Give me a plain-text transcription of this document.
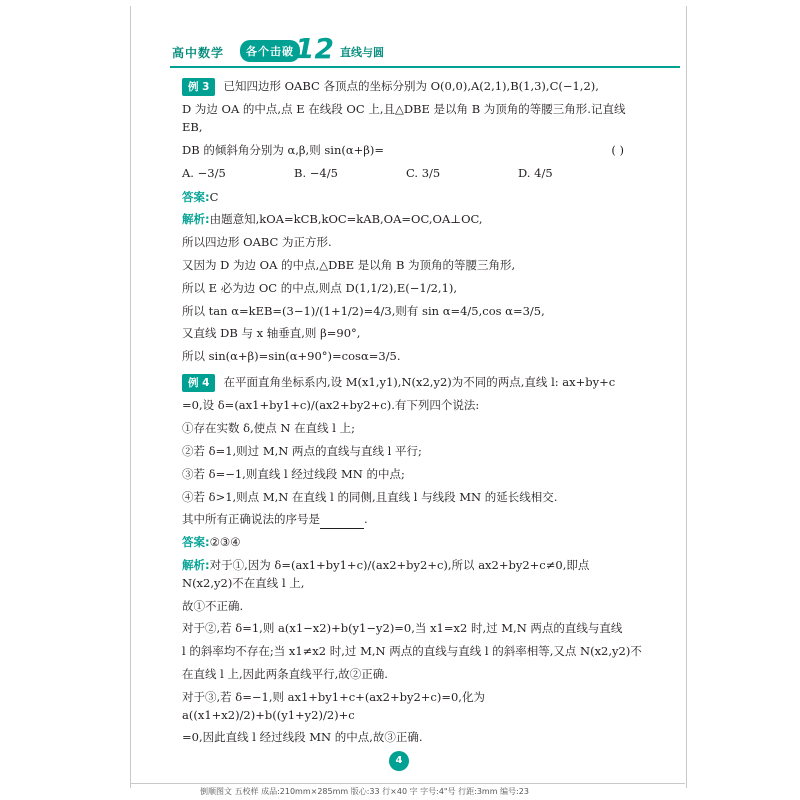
高中数学	各个击破 12 直线与圆
例 3 已知四边形 OABC 各顶点的坐标分别为 O(0,0),A(2,1),B(1,3),C(−1,2),
D 为边 OA 的中点,点 E 在线段 OC 上,且△DBE 是以角 B 为顶角的等腰三角形.记直线 EB,
DB 的倾斜角分别为 α,β,则 sin(α+β)=	( )
A. −3/5	B. −4/5	C. 3/5	D. 4/5
答案:C
解析:由题意知,kOA=kCB,kOC=kAB,OA=OC,OA⊥OC,
所以四边形 OABC 为正方形.
又因为 D 为边 OA 的中点,△DBE 是以角 B 为顶角的等腰三角形,
所以 E 必为边 OC 的中点,则点 D(1,1/2),E(−1/2,1),
所以 tan α=kEB=(3−1)/(1+1/2)=4/3,则有 sin α=4/5,cos α=3/5,
又直线 DB 与 x 轴垂直,则 β=90°,
所以 sin(α+β)=sin(α+90°)=cosα=3/5.
例 4 在平面直角坐标系内,设 M(x1,y1),N(x2,y2)为不同的两点,直线 l: ax+by+c
=0,设 δ=(ax1+by1+c)/(ax2+by2+c).有下列四个说法:
①存在实数 δ,使点 N 在直线 l 上;
②若 δ=1,则过 M,N 两点的直线与直线 l 平行;
③若 δ=−1,则直线 l 经过线段 MN 的中点;
④若 δ>1,则点 M,N 在直线 l 的同侧,且直线 l 与线段 MN 的延长线相交.
其中所有正确说法的序号是	.
答案:②③④
解析:对于①,因为 δ=(ax1+by1+c)/(ax2+by2+c),所以 ax2+by2+c≠0,即点 N(x2,y2)不在直线 l 上,
故①不正确.
对于②,若 δ=1,则 a(x1−x2)+b(y1−y2)=0,当 x1=x2 时,过 M,N 两点的直线与直线
l 的斜率均不存在;当 x1≠x2 时,过 M,N 两点的直线与直线 l 的斜率相等,又点 N(x2,y2)不
在直线 l 上,因此两条直线平行,故②正确.
对于③,若 δ=−1,则 ax1+by1+c+(ax2+by2+c)=0,化为 a((x1+x2)/2)+b((y1+y2)/2)+c
=0,因此直线 l 经过线段 MN 的中点,故③正确.
4
倒顺图文 五校样 成品:210mm×285mm 版心:33 行×40 字 字号:4"号 行距:3mm 编号:23
